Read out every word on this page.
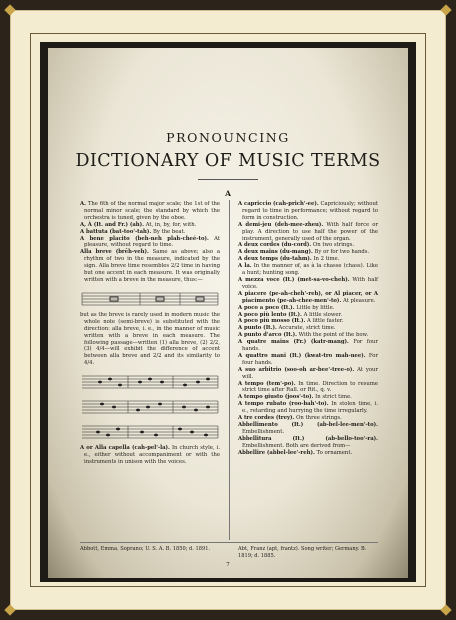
PRONOUNCING
DICTIONARY OF MUSIC TERMS
A
A. The 6th of the normal major scale; the 1st of the normal minor scale; the standard by which the orchestra is tuned, given by the oboe.
A, À (It. and Fr.) (ah). At, in, by, for, with.
A battuta (bat-too'-tah). By the beat.
A bene placito (beh-neh plah-cheé-to). At pleasure, without regard to time.
Alla breve (brēh-veh). Same as above; also a rhythm of two in the measure, indicated by the sign. Alla breve time resembles 2/2 time in having but one accent in each measure. It was originally written with a breve in the measure, thus:—
but as the breve is rarely used in modern music the whole note (semi-breve) is substituted with the direction: alla breve, i. e., in the manner of music written with a breve in each measure. The following passage—written (1) alla breve, (2) 2/2, (3) 4/4—will exhibit the difference of accent between alla breve and 2/2 and its similarity to 4/4.
A or Alla capella (cah-pel'-la). In church style, i. e., either without accompaniment or with the instruments in unison with the voices.
A capriccio (cah-prich'-ee). Capriciously; without regard to time in performance; without regard to form in construction.
A demi-jeu (deh-mee-zheu). With half force or play. A direction to use half the power of the instrument, generally used of the organ.
A deux cordes (du-cord). On two strings.
A deux mains (du-mang). By or for two hands.
A deux temps (du-tahm). In 2 time.
A la. In the manner of, as à la chasse (chass). Like a hunt; hunting song.
A mezza voce (It.) (met-sa-vo-cheh). With half voice.
A piacere (pe-ah-cheh'-reh), or Al piacer, or A piacimento (pe-ah-chee-men'-to). At pleasure.
A poco a poco (It.). Little by little.
A poco più lento (It.). A little slower.
A poco più mosso (It.). A little faster.
A punto (It.). Accurate, strict time.
A punto d'arco (It.). With the point of the bow.
A quatre mains (Fr.) (katr-mang). For four hands.
A quattro mani (It.) (kwat-tro mah-nee). For four hands.
A suo arbitrio (soo-oh ar-bee'-tree-o). At your will.
A tempo (tem'-po). In time. Direction to resume strict time after Rall. or Rit., q. v.
A tempo giusto (joos'-to). In strict time.
A tempo rubato (roo-bah'-to). In stolen time, i. e., retarding and hurrying the time irregularly.
A tre cordes (trey). On three strings.
Abbellimento (It.) (ab-bel-lee-men'-to). Embellishment.
Abbellitura (It.) (ab-bello-too'-ra). Embellishment. Both are derived from—
Abbellire (abbel-lee'-reh). To ornament.
Abbott, Emma. Soprano; U. S. A. B. 1850; d. 1891.	Abt, Franz (apt, frantz). Song writer; Germany. B. 1819; d. 1885.
7
